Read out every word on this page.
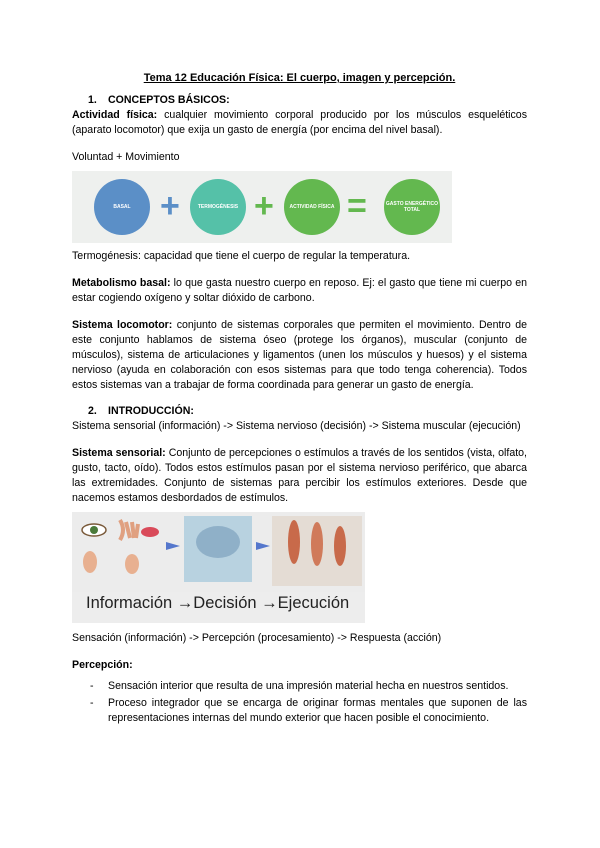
Tema 12 Educación Física: El cuerpo, imagen y percepción.
1. CONCEPTOS BÁSICOS:

Actividad física: cualquier movimiento corporal producido por los músculos esqueléticos (aparato locomotor) que exija un gasto de energía (por encima del nivel basal).

Voluntad + Movimiento

BASAL +	TERMOGÉNESIS +	ACTIVIDAD FÍSICA =	GASTO ENERGÉTICO TOTAL

Termogénesis: capacidad que tiene el cuerpo de regular la temperatura.

Metabolismo basal: lo que gasta nuestro cuerpo en reposo. Ej: el gasto que tiene mi cuerpo en estar cogiendo oxígeno y soltar dióxido de carbono.

Sistema locomotor: conjunto de sistemas corporales que permiten el movimiento. Dentro de este conjunto hablamos de sistema óseo (protege los órganos), muscular (conjunto de músculos), sistema de articulaciones y ligamentos (unen los músculos y huesos) y el sistema nervioso (ayuda en colaboración con esos sistemas para que todo tenga coherencia). Todos estos sistemas van a trabajar de forma coordinada para generar un gasto de energía.

2. INTRODUCCIÓN:

Sistema sensorial (información) -> Sistema nervioso (decisión) -> Sistema muscular (ejecución)

Sistema sensorial: Conjunto de percepciones o estímulos a través de los sentidos (vista, olfato, gusto, tacto, oído). Todos estos estímulos pasan por el sistema nervioso periférico, que abarca las extremidades. Conjunto de sistemas para percibir los estímulos exteriores. Desde que nacemos estamos desbordados de estímulos.

Información →Decisión →Ejecución

Sensación (información) -> Percepción (procesamiento) -> Respuesta (acción)

Percepción:

- Sensación interior que resulta de una impresión material hecha en nuestros sentidos.
- Proceso integrador que se encarga de originar formas mentales que suponen de las representaciones internas del mundo exterior que hacen posible el conocimiento.
